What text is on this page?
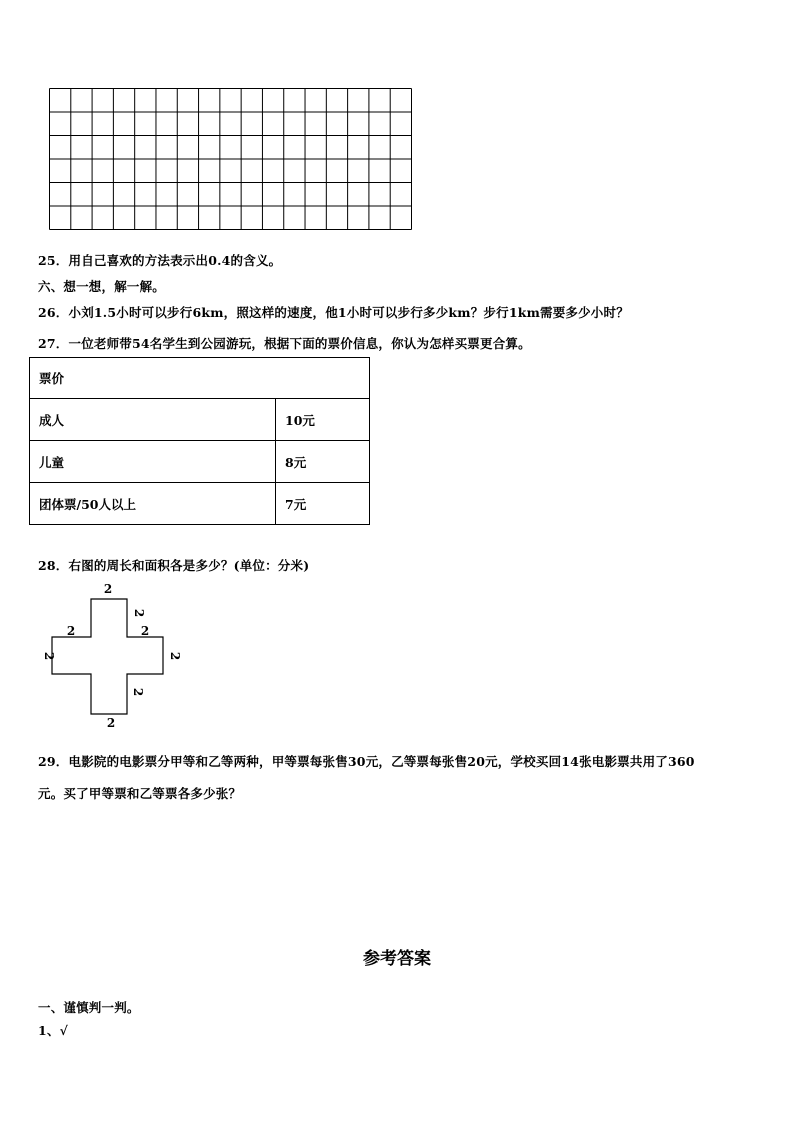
25．用自己喜欢的方法表示出0.4的含义。
六、想一想，解一解。
26．小刘1.5小时可以步行6km，照这样的速度，他1小时可以步行多少km？步行1km需要多少小时？
27．一位老师带54名学生到公园游玩，根据下面的票价信息，你认为怎样买票更合算。
票价	
成人	10元
儿童	8元
团体票/50人以上	7元
28．右图的周长和面积各是多少？(单位：分米)
2
2
2	2
2	2
2
2
29．电影院的电影票分甲等和乙等两种，甲等票每张售30元，乙等票每张售20元，学校买回14张电影票共用了360
元。买了甲等票和乙等票各多少张？
参考答案
一、谨慎判一判。
1、√
